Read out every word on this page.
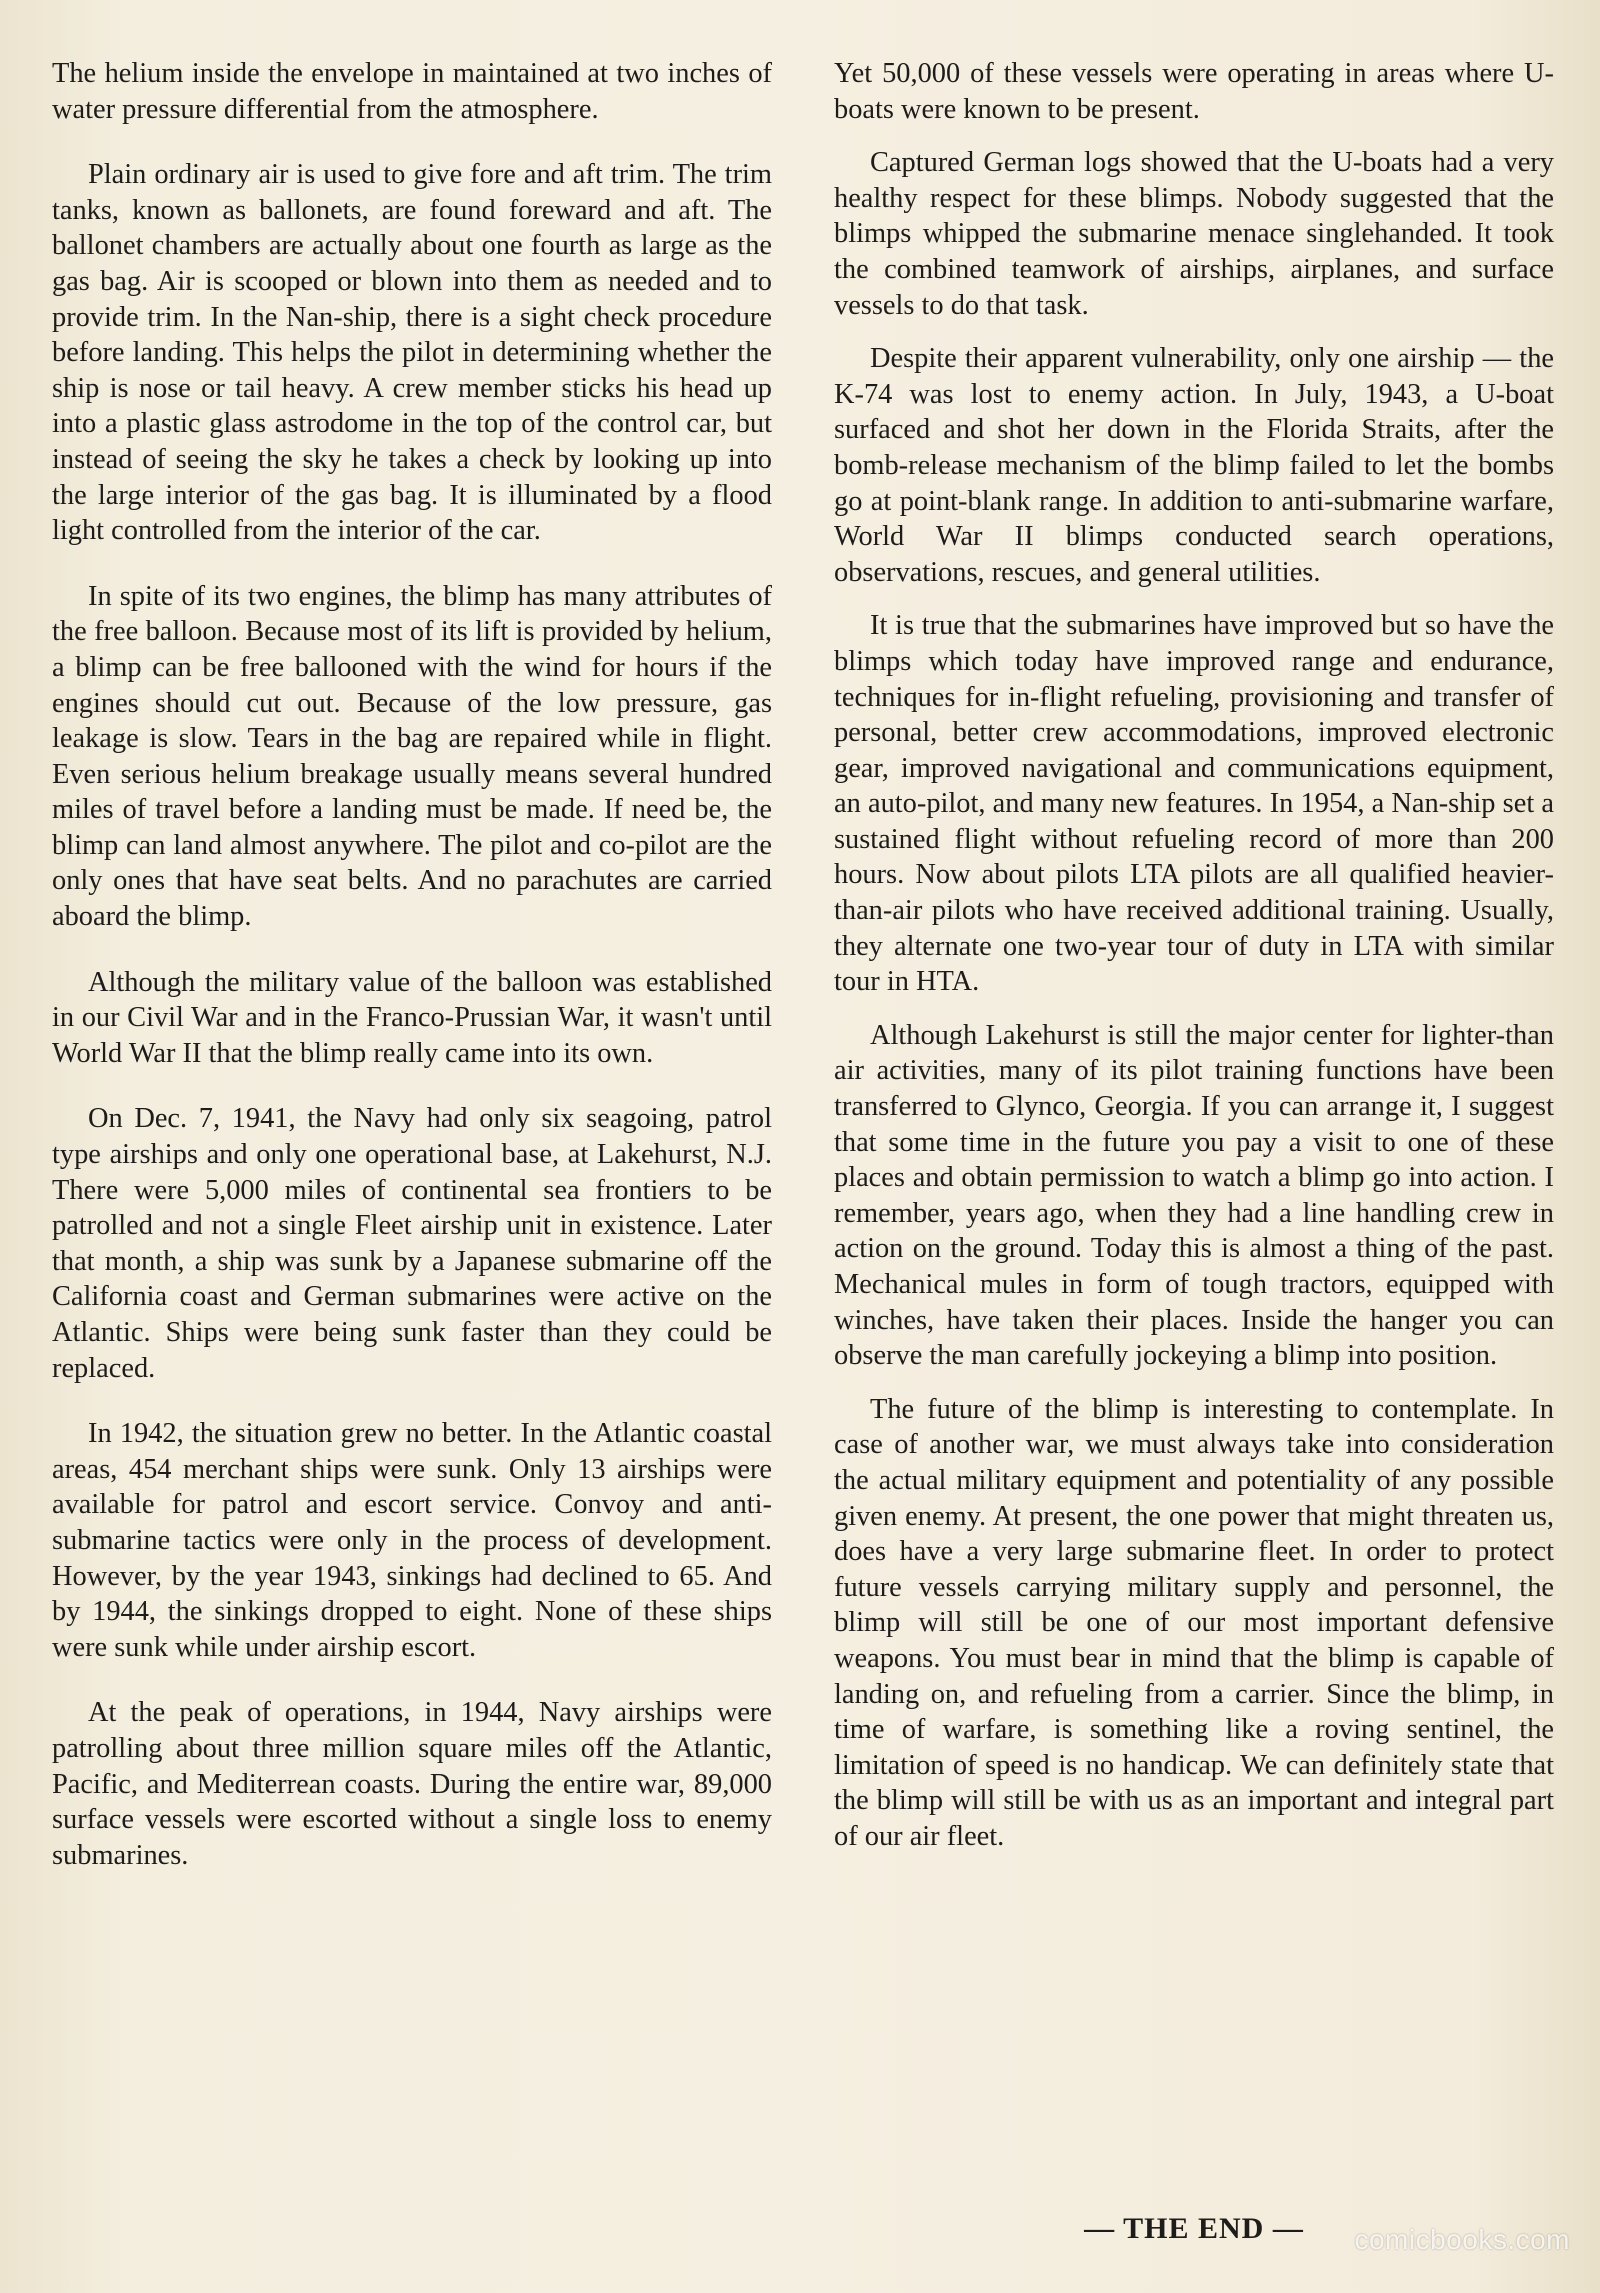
The helium inside the envelope in maintained at two inches of water pressure differential from the atmosphere.

Plain ordinary air is used to give fore and aft trim. The trim tanks, known as ballonets, are found foreward and aft. The ballonet chambers are actually about one fourth as large as the gas bag. Air is scooped or blown into them as needed and to provide trim. In the Nan-ship, there is a sight check procedure before landing. This helps the pilot in determining whether the ship is nose or tail heavy. A crew member sticks his head up into a plastic glass astrodome in the top of the control car, but instead of seeing the sky he takes a check by looking up into the large interior of the gas bag. It is illuminated by a flood light controlled from the interior of the car.

In spite of its two engines, the blimp has many attributes of the free balloon. Because most of its lift is provided by helium, a blimp can be free ballooned with the wind for hours if the engines should cut out. Because of the low pressure, gas leakage is slow. Tears in the bag are repaired while in flight. Even serious helium breakage usually means several hundred miles of travel before a landing must be made. If need be, the blimp can land almost anywhere. The pilot and co-pilot are the only ones that have seat belts. And no parachutes are carried aboard the blimp.

Although the military value of the balloon was established in our Civil War and in the Franco-Prussian War, it wasn't until World War II that the blimp really came into its own.

On Dec. 7, 1941, the Navy had only six seagoing, patrol type airships and only one operational base, at Lakehurst, N.J. There were 5,000 miles of continental sea frontiers to be patrolled and not a single Fleet airship unit in existence. Later that month, a ship was sunk by a Japanese submarine off the California coast and German submarines were active on the Atlantic. Ships were being sunk faster than they could be replaced.

In 1942, the situation grew no better. In the Atlantic coastal areas, 454 merchant ships were sunk. Only 13 airships were available for patrol and escort service. Convoy and anti-submarine tactics were only in the process of development. However, by the year 1943, sinkings had declined to 65. And by 1944, the sinkings dropped to eight. None of these ships were sunk while under airship escort.

At the peak of operations, in 1944, Navy airships were patrolling about three million square miles off the Atlantic, Pacific, and Mediterrean coasts. During the entire war, 89,000 surface vessels were escorted without a single loss to enemy submarines.

Yet 50,000 of these vessels were operating in areas where U-boats were known to be present.

Captured German logs showed that the U-boats had a very healthy respect for these blimps. Nobody suggested that the blimps whipped the submarine menace singlehanded. It took the combined teamwork of airships, airplanes, and surface vessels to do that task.

Despite their apparent vulnerability, only one airship — the K-74 was lost to enemy action. In July, 1943, a U-boat surfaced and shot her down in the Florida Straits, after the bomb-release mechanism of the blimp failed to let the bombs go at point-blank range. In addition to anti-submarine warfare, World War II blimps conducted search operations, observations, rescues, and general utilities.

It is true that the submarines have improved but so have the blimps which today have improved range and endurance, techniques for in-flight refueling, provisioning and transfer of personal, better crew accommodations, improved electronic gear, improved navigational and communications equipment, an auto-pilot, and many new features. In 1954, a Nan-ship set a sustained flight without refueling record of more than 200 hours. Now about pilots LTA pilots are all qualified heavier-than-air pilots who have received additional training. Usually, they alternate one two-year tour of duty in LTA with similar tour in HTA.

Although Lakehurst is still the major center for lighter-than air activities, many of its pilot training functions have been transferred to Glynco, Georgia. If you can arrange it, I suggest that some time in the future you pay a visit to one of these places and obtain permission to watch a blimp go into action. I remember, years ago, when they had a line handling crew in action on the ground. Today this is almost a thing of the past. Mechanical mules in form of tough tractors, equipped with winches, have taken their places. Inside the hanger you can observe the man carefully jockeying a blimp into position.

The future of the blimp is interesting to contemplate. In case of another war, we must always take into consideration the actual military equipment and potentiality of any possible given enemy. At present, the one power that might threaten us, does have a very large submarine fleet. In order to protect future vessels carrying military supply and personnel, the blimp will still be one of our most important defensive weapons. You must bear in mind that the blimp is capable of landing on, and refueling from a carrier. Since the blimp, in time of warfare, is something like a roving sentinel, the limitation of speed is no handicap. We can definitely state that the blimp will still be with us as an important and integral part of our air fleet.

— THE END —	comicbooks.com
